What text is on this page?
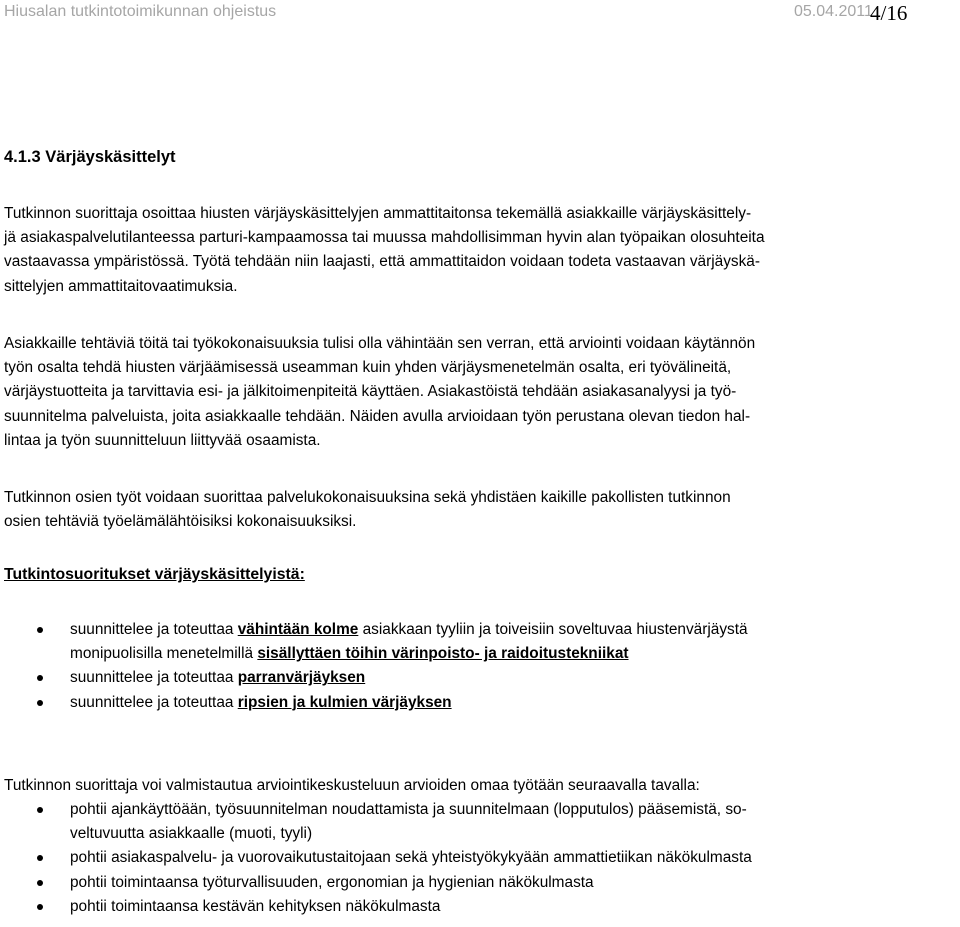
Hiusalan tutkintotoimikunnan ohjeistus	05.04.2011
4/16
4.1.3 Värjäyskäsittelyt
Tutkinnon suorittaja osoittaa hiusten värjäyskäsittelyjen ammattitaitonsa tekemällä asiakkaille värjäyskäsittely-
jä asiakaspalvelutilanteessa parturi-kampaamossa tai muussa mahdollisimman hyvin alan työpaikan olosuhteita
vastaavassa ympäristössä. Työtä tehdään niin laajasti, että ammattitaidon voidaan todeta vastaavan värjäyskä-
sittelyjen ammattitaitovaatimuksia.
Asiakkaille tehtäviä töitä tai työkokonaisuuksia tulisi olla vähintään sen verran, että arviointi voidaan käytännön
työn osalta tehdä hiusten värjäämisessä useamman kuin yhden värjäysmenetelmän osalta, eri työvälineitä,
värjäystuotteita ja tarvittavia esi- ja jälkitoimenpiteitä käyttäen. Asiakastöistä tehdään asiakasanalyysi ja työ-
suunnitelma palveluista, joita asiakkaalle tehdään. Näiden avulla arvioidaan työn perustana olevan tiedon hal-
lintaa ja työn suunnitteluun liittyvää osaamista.
Tutkinnon osien työt voidaan suorittaa palvelukokonaisuuksina sekä yhdistäen kaikille pakollisten tutkinnon
osien tehtäviä työelämälähtöisiksi kokonaisuuksiksi.
Tutkintosuoritukset värjäyskäsittelyistä:
suunnittelee ja toteuttaa vähintään kolme asiakkaan tyyliin ja toiveisiin soveltuvaa hiustenvärjäystä
monipuolisilla menetelmillä sisällyttäen töihin värinpoisto- ja raidoitustekniikat
suunnittelee ja toteuttaa parranvärjäyksen
suunnittelee ja toteuttaa ripsien ja kulmien värjäyksen
Tutkinnon suorittaja voi valmistautua arviointikeskusteluun arvioiden omaa työtään seuraavalla tavalla:
pohtii ajankäyttöään, työsuunnitelman noudattamista ja suunnitelmaan (lopputulos) pääsemistä, so-
veltuvuutta asiakkaalle (muoti, tyyli)
pohtii asiakaspalvelu- ja vuorovaikutustaitojaan sekä yhteistyökykyään ammattietiikan näkökulmasta
pohtii toimintaansa työturvallisuuden, ergonomian ja hygienian näkökulmasta
pohtii toimintaansa kestävän kehityksen näkökulmasta
